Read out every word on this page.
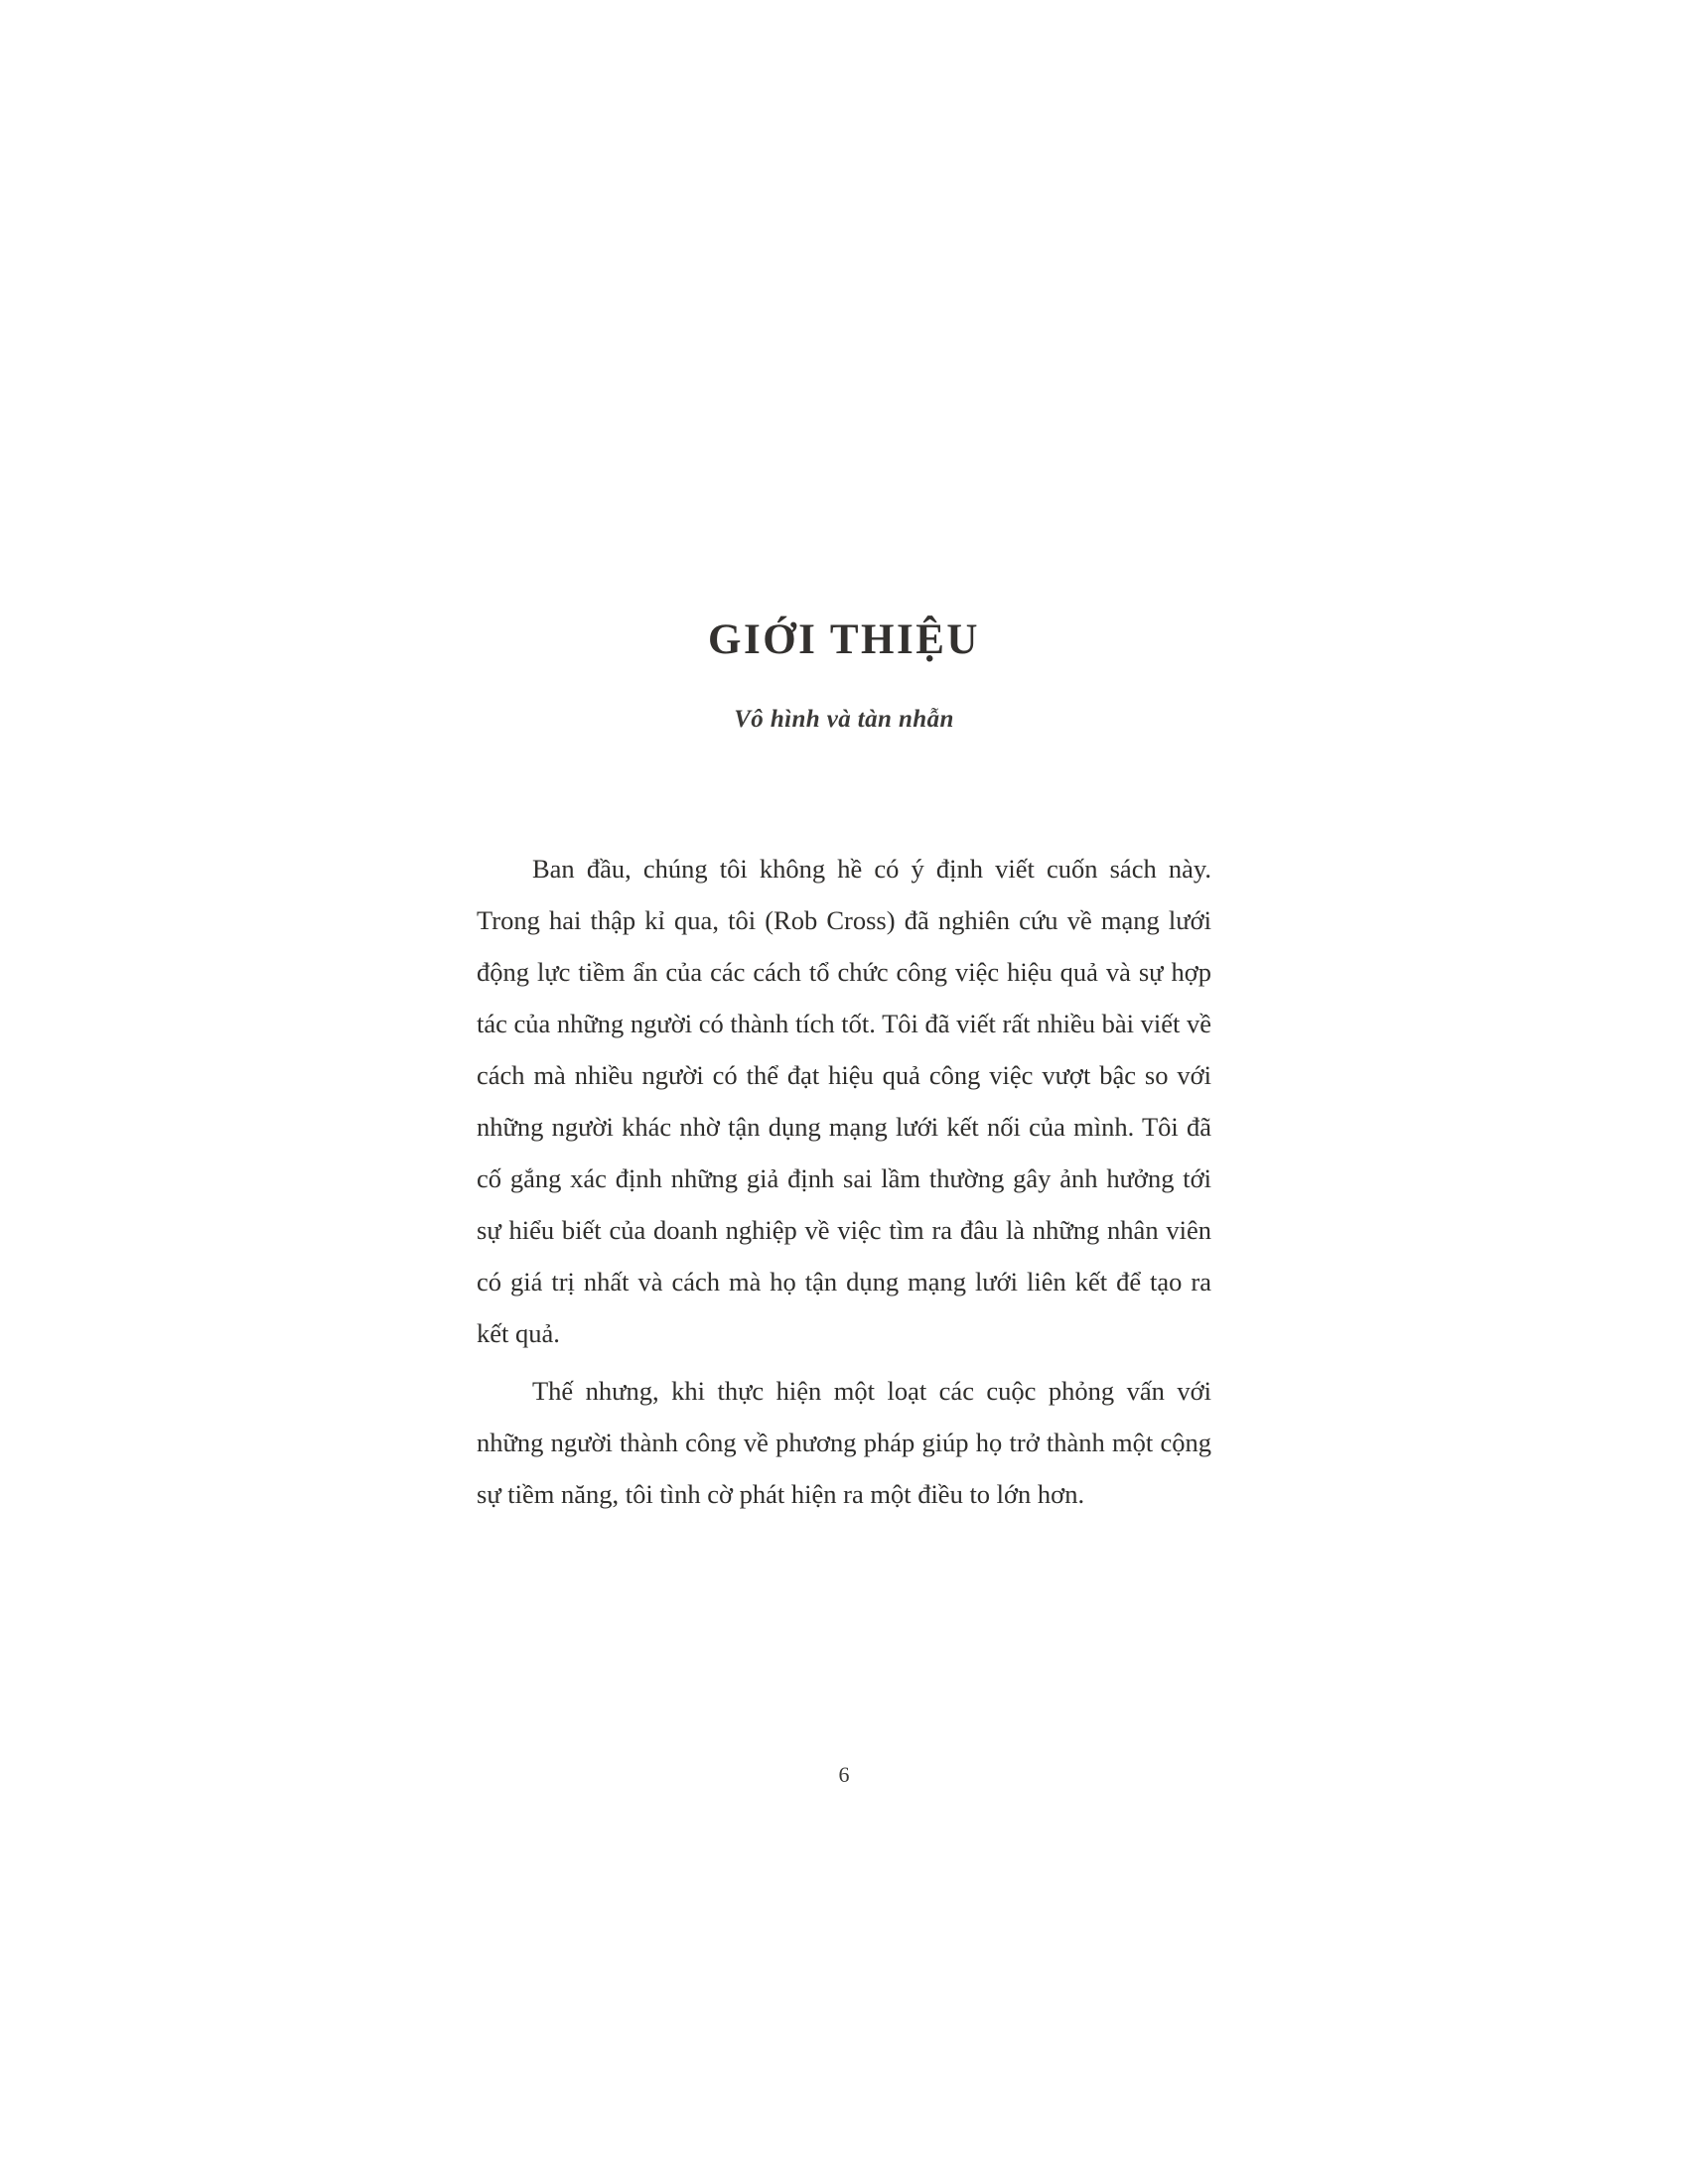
GIỚI THIỆU
Vô hình và tàn nhẫn

Ban đầu, chúng tôi không hề có ý định viết cuốn sách này. Trong hai thập kỉ qua, tôi (Rob Cross) đã nghiên cứu về mạng lưới động lực tiềm ẩn của các cách tổ chức công việc hiệu quả và sự hợp tác của những người có thành tích tốt. Tôi đã viết rất nhiều bài viết về cách mà nhiều người có thể đạt hiệu quả công việc vượt bậc so với những người khác nhờ tận dụng mạng lưới kết nối của mình. Tôi đã cố gắng xác định những giả định sai lầm thường gây ảnh hưởng tới sự hiểu biết của doanh nghiệp về việc tìm ra đâu là những nhân viên có giá trị nhất và cách mà họ tận dụng mạng lưới liên kết để tạo ra kết quả.

Thế nhưng, khi thực hiện một loạt các cuộc phỏng vấn với những người thành công về phương pháp giúp họ trở thành một cộng sự tiềm năng, tôi tình cờ phát hiện ra một điều to lớn hơn.

6
